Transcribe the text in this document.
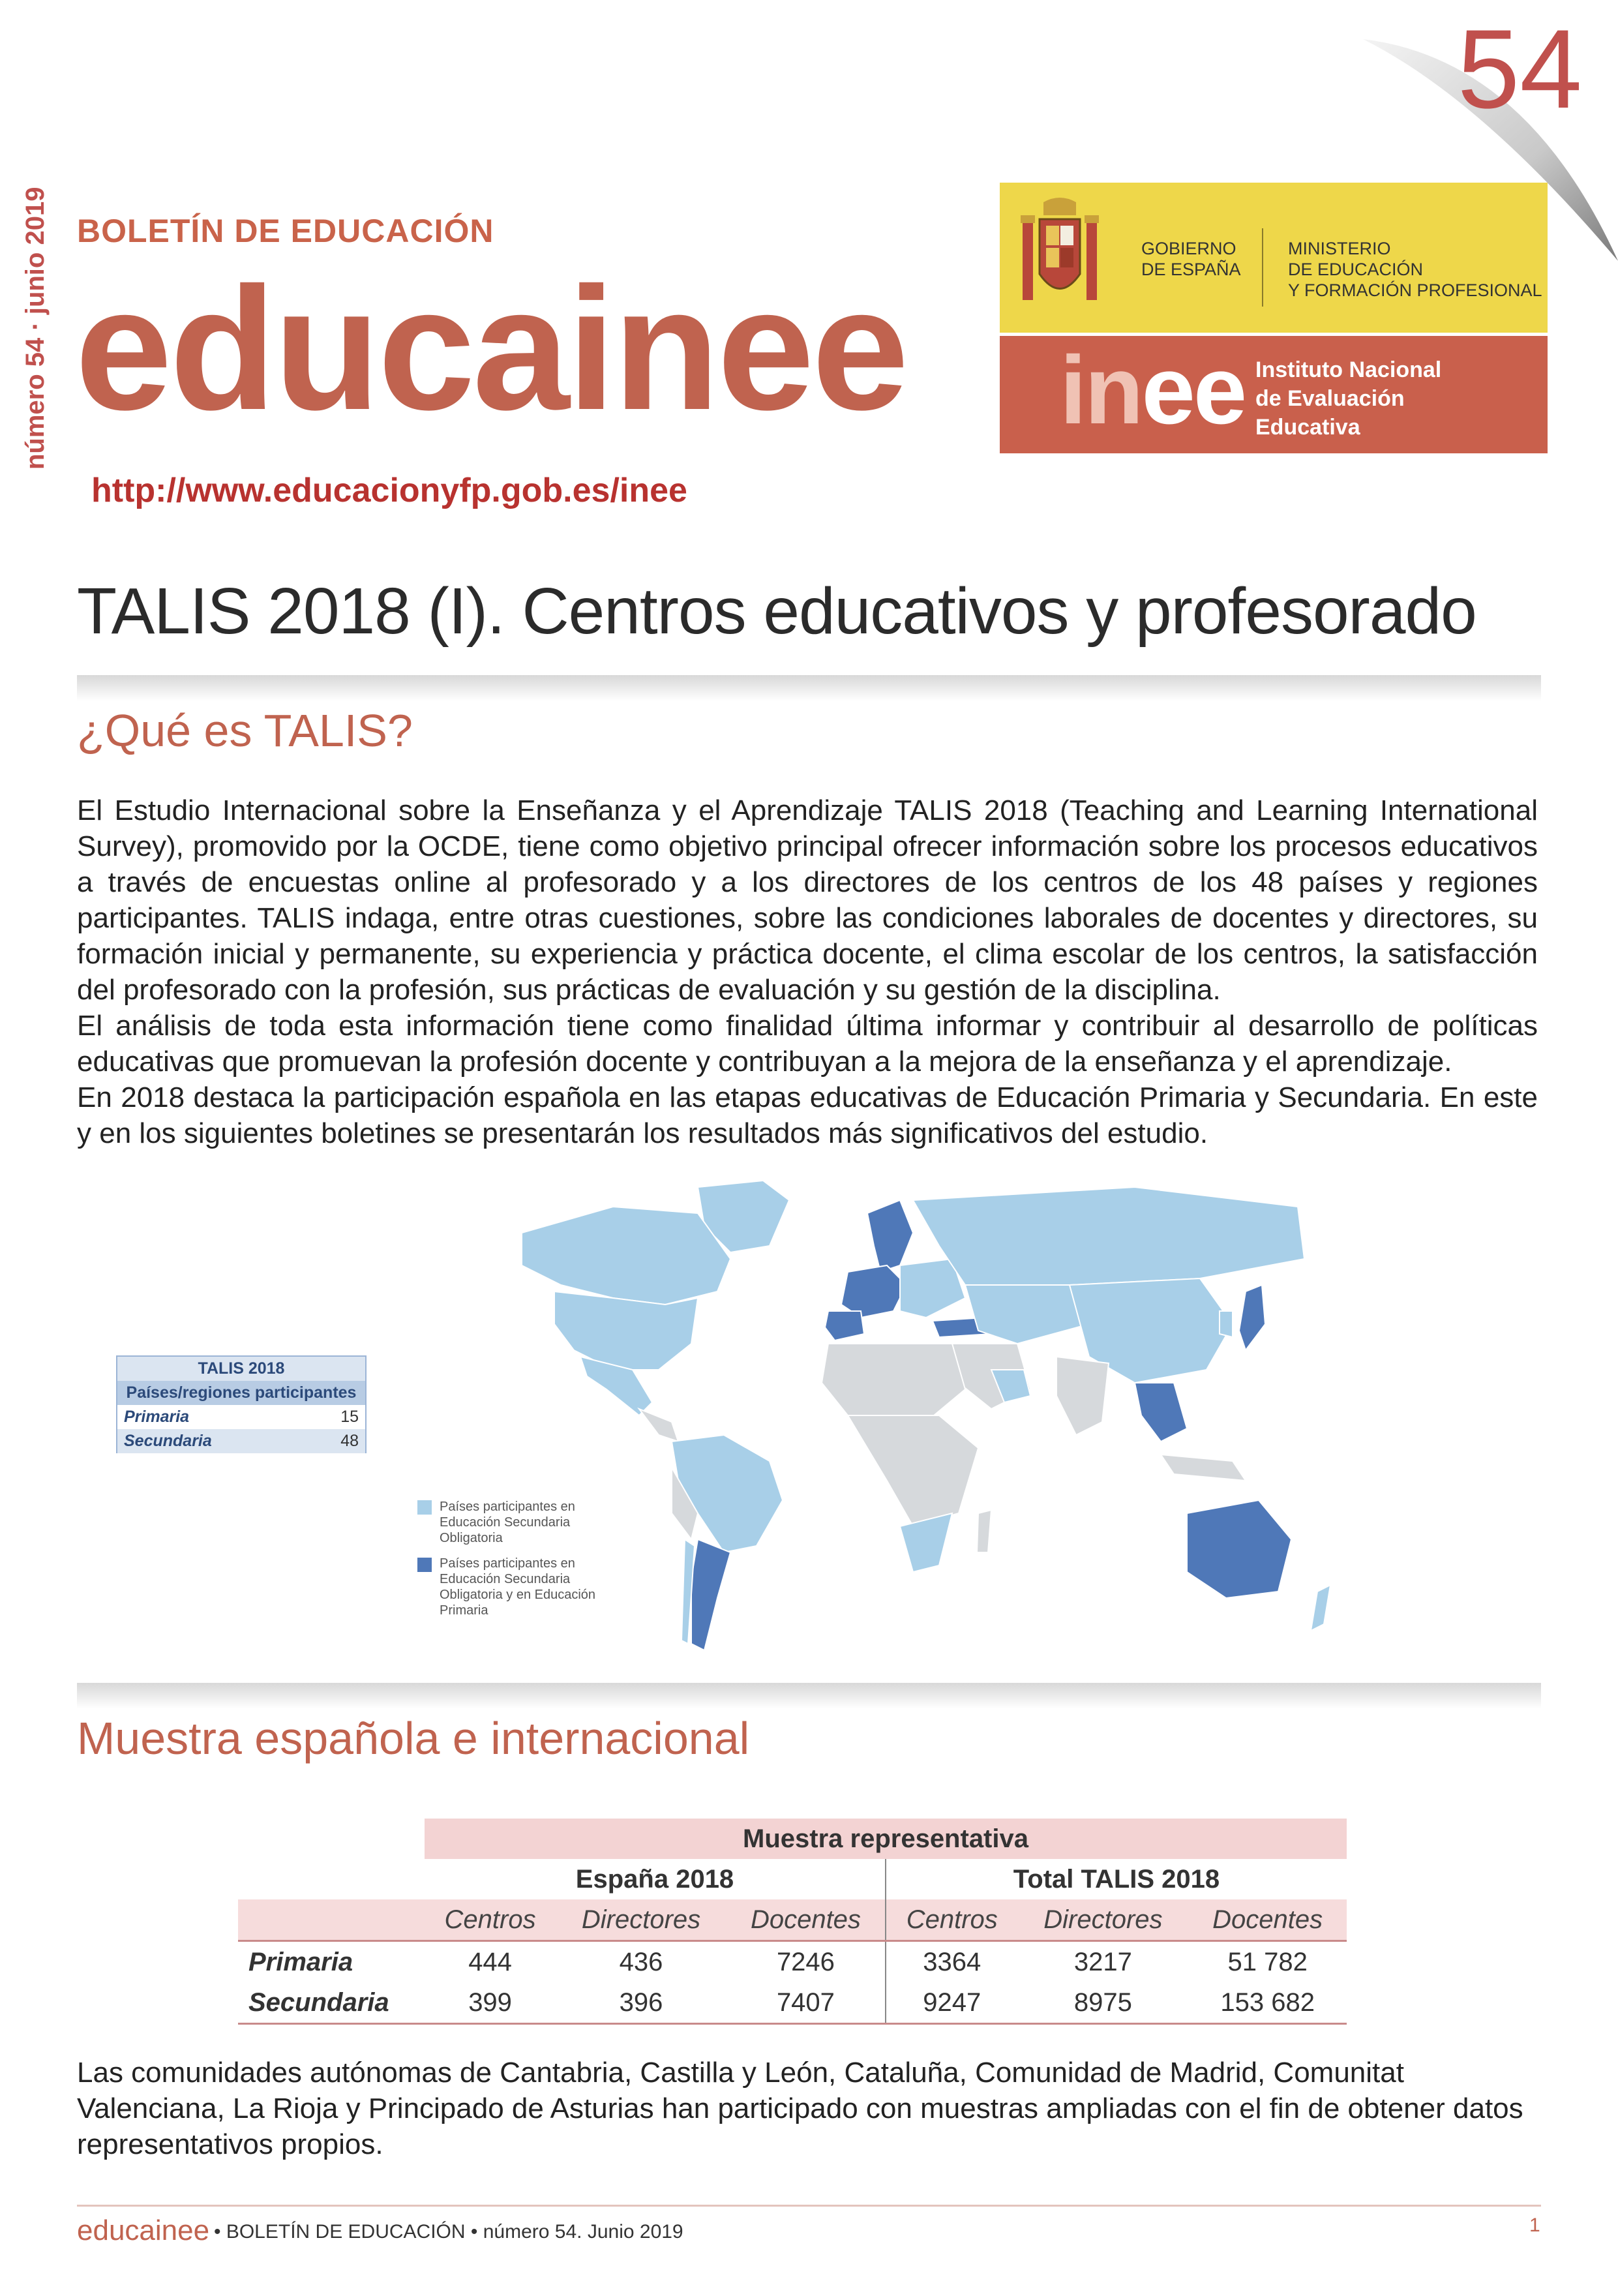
54
número 54 · junio 2019 BOLETÍN DE EDUCACIÓN
educainee
http://www.educacionyfp.gob.es/inee
GOBIERNO
DE ESPAÑA
MINISTERIO
DE EDUCACIÓN
Y FORMACIÓN PROFESIONAL
inee Instituto Nacional
de Evaluación
Educativa
TALIS 2018 (I). Centros educativos y profesorado
¿Qué es TALIS?

El Estudio Internacional sobre la Enseñanza y el Aprendizaje TALIS 2018 (Teaching and Learning International Survey), promovido por la OCDE, tiene como objetivo principal ofrecer información sobre los procesos educativos a través de encuestas online al profesorado y a los directores de los centros de los 48 países y regiones participantes. TALIS indaga, entre otras cuestiones, sobre las condiciones laborales de docentes y directores, su formación inicial y permanente, su experiencia y práctica docente, el clima escolar de los centros, la satisfacción del profesorado con la profesión, sus prácticas de evaluación y su gestión de la disciplina.

El análisis de toda esta información tiene como finalidad última informar y contribuir al desarrollo de políticas educativas que promuevan la profesión docente y contribuyan a la mejora de la enseñanza y el aprendizaje.

En 2018 destaca la participación española en las etapas educativas de Educación Primaria y Secundaria. En este y en los siguientes boletines se presentarán los resultados más significativos del estudio.

TALIS 2018	
Países/regiones participantes	
Primaria	15
Secundaria	48
Países participantes en Educación Secundaria Obligatoria
Países participantes en Educación Secundaria Obligatoria y en Educación Primaria
Muestra española e internacional
	Muestra representativa					
	España 2018			Total TALIS 2018		
	Centros	Directores	Docentes	Centros	Directores	Docentes
Primaria	444	436	7246	3364	3217	51 782
Secundaria	399	396	7407	9247	8975	153 682
Las comunidades autónomas de Cantabria, Castilla y León, Cataluña, Comunidad de Madrid, Comunitat Valenciana, La Rioja y Principado de Asturias han participado con muestras ampliadas con el fin de obtener datos representativos propios.
educainee • BOLETÍN DE EDUCACIÓN • número 54. Junio 2019	1
